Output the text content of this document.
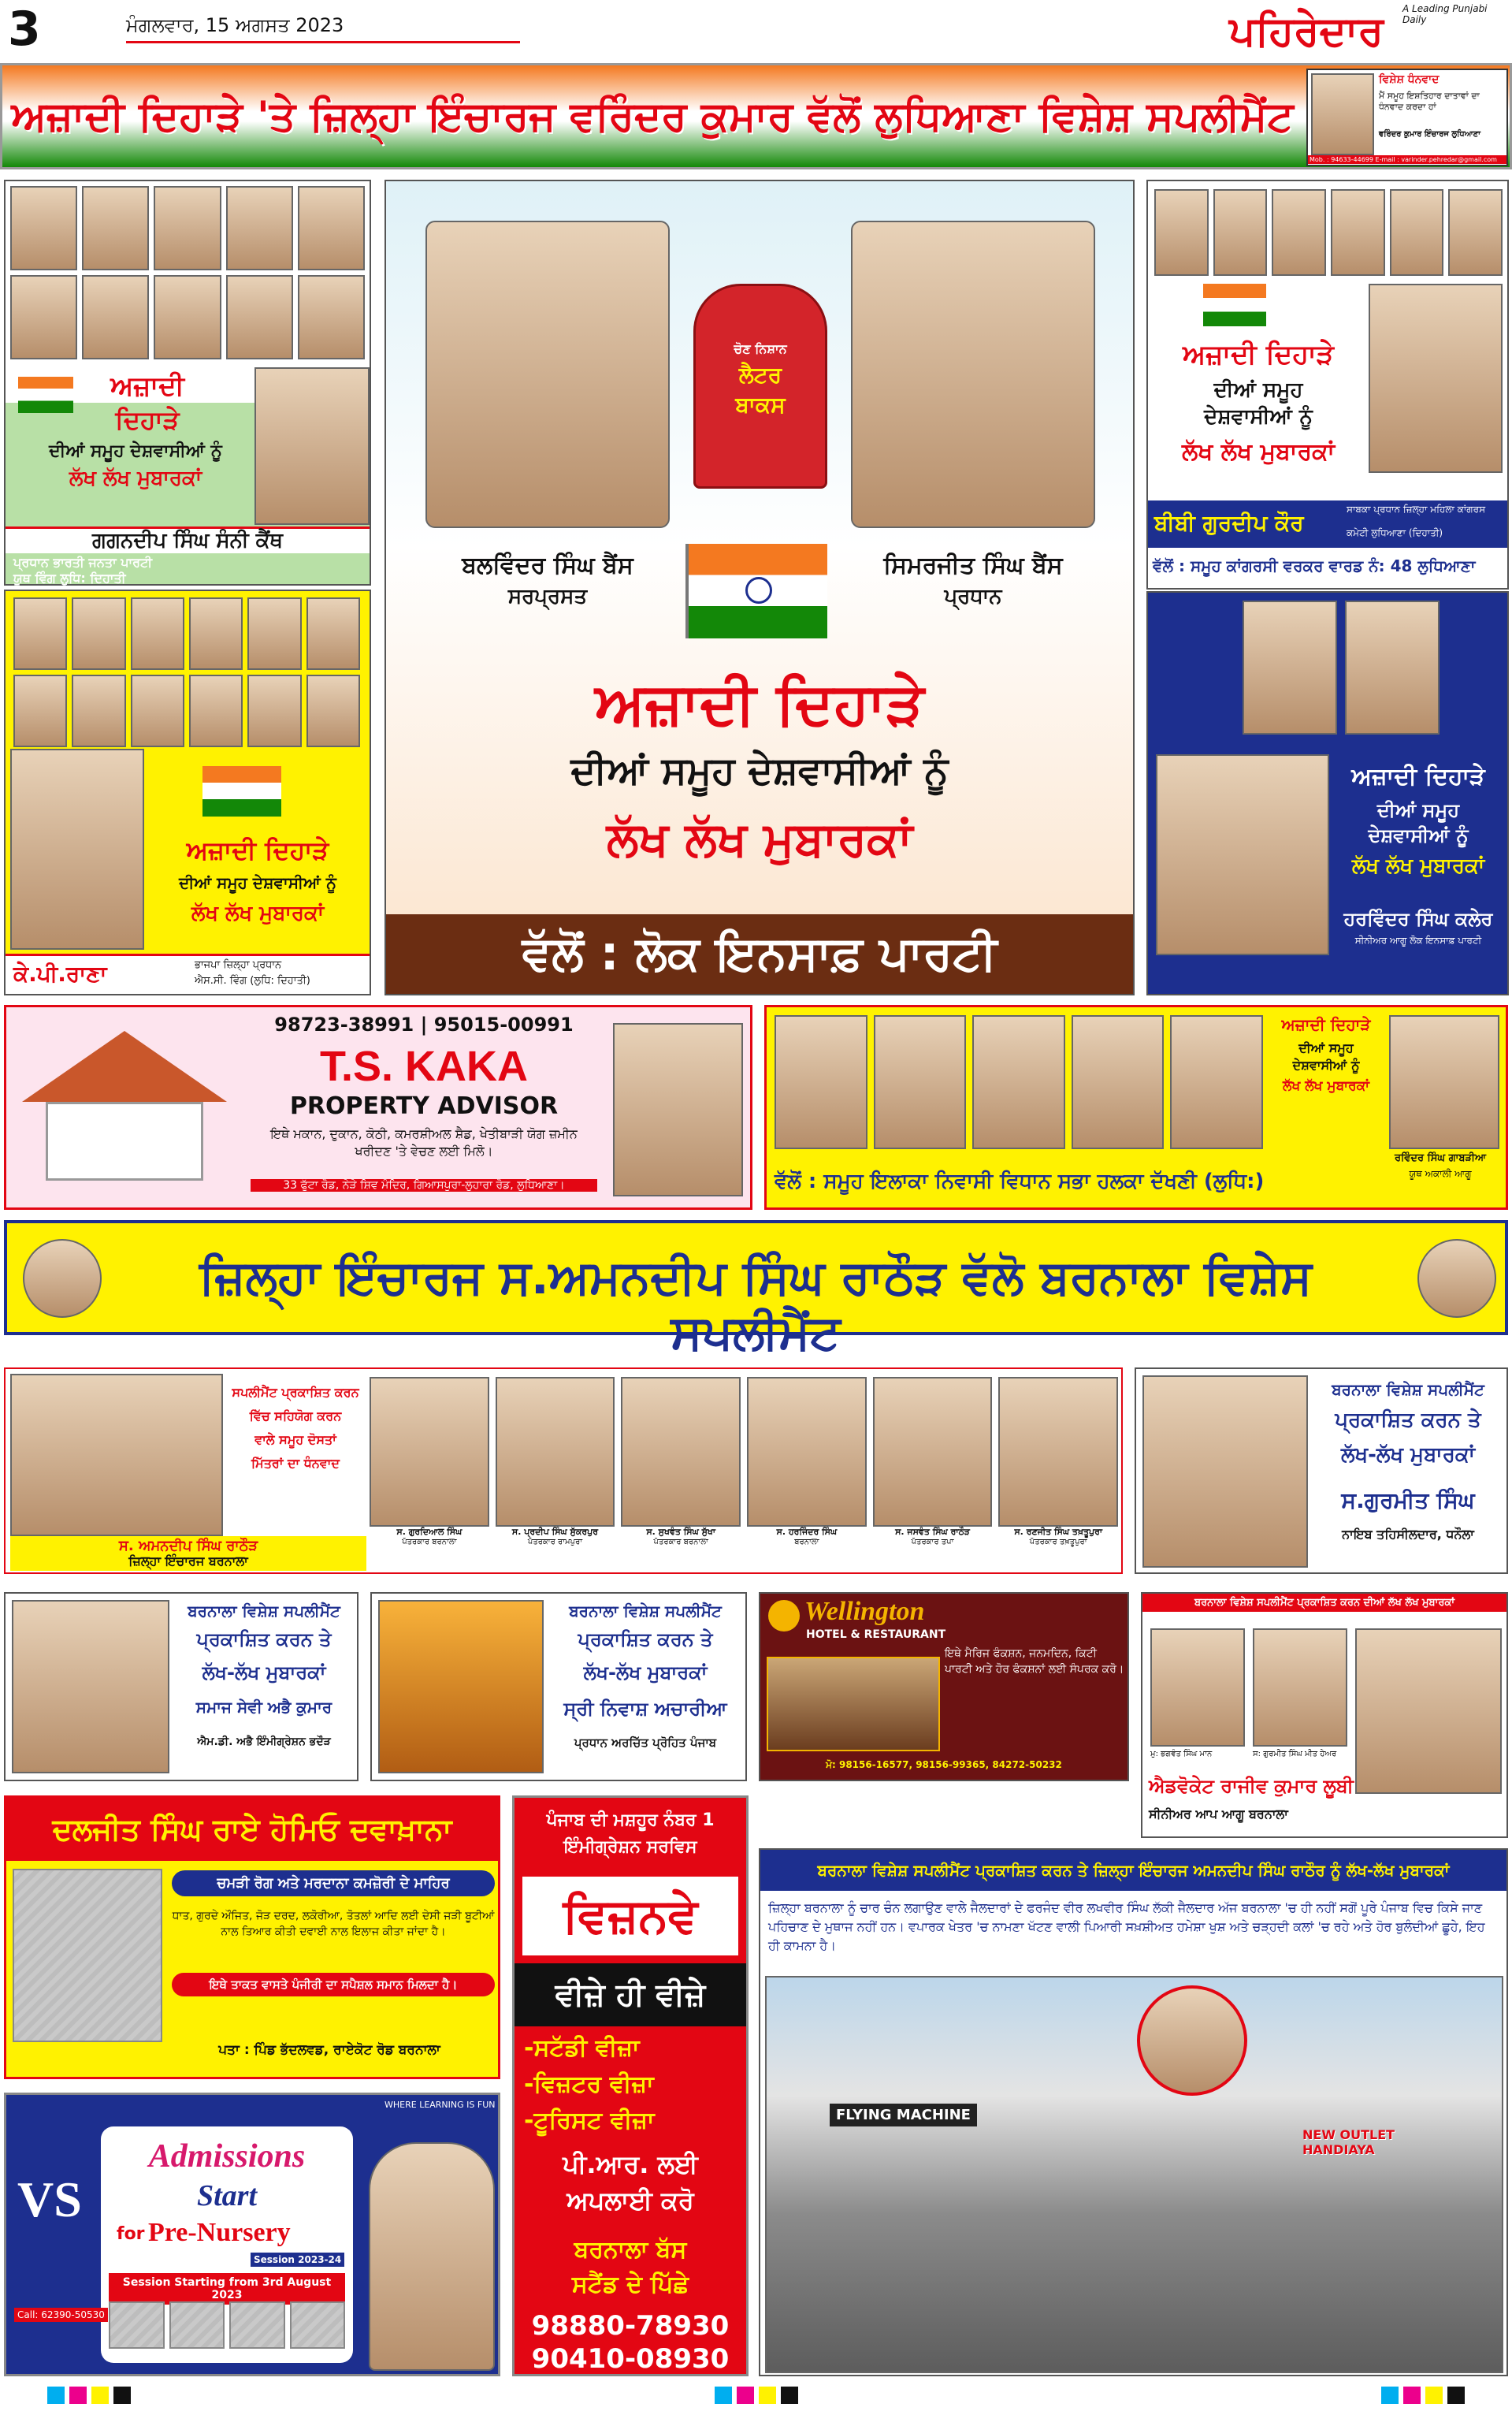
3	ਮੰਗਲਵਾਰ, 15 ਅਗਸਤ 2023
A Leading Punjabi Daily
ਪਹਿਰੇਦਾਰ
ਅਜ਼ਾਦੀ ਦਿਹਾੜੇ 'ਤੇ ਜ਼ਿਲ੍ਹਾ ਇੰਚਾਰਜ ਵਰਿੰਦਰ ਕੁਮਾਰ ਵੱਲੋਂ ਲੁਧਿਆਣਾ ਵਿਸ਼ੇਸ਼ ਸਪਲੀਮੈਂਟ
ਵਿਸ਼ੇਸ਼ ਧੰਨਵਾਦ
ਮੈਂ ਸਮੂਹ ਇਸ਼ਤਿਹਾਰ ਦਾਤਾਵਾਂ ਦਾ ਧੰਨਵਾਦ ਕਰਦਾ ਹਾਂ
ਵਰਿੰਦਰ ਕੁਮਾਰ ਇੰਚਾਰਜ ਲੁਧਿਆਣਾ
Mob. : 94633-44699 E-mail : varinder.pehredar@gmail.com
ਅਜ਼ਾਦੀ
ਦਿਹਾੜੇ
ਦੀਆਂ ਸਮੂਹ ਦੇਸ਼ਵਾਸੀਆਂ ਨੂੰ
ਲੱਖ ਲੱਖ ਮੁਬਾਰਕਾਂ
ਗਗਨਦੀਪ ਸਿੰਘ ਸੰਨੀ ਕੈਂਥ
ਪ੍ਰਧਾਨ ਭਾਰਤੀ ਜਨਤਾ ਪਾਰਟੀ
ਯੂਥ ਵਿੰਗ ਲੁਧਿ: ਦਿਹਾਤੀ
ਅਜ਼ਾਦੀ ਦਿਹਾੜੇ
ਦੀਆਂ ਸਮੂਹ ਦੇਸ਼ਵਾਸੀਆਂ ਨੂੰ
ਲੱਖ ਲੱਖ ਮੁਬਾਰਕਾਂ
ਕੇ.ਪੀ.ਰਾਣਾ	ਭਾਜਪਾ ਜ਼ਿਲ੍ਹਾ ਪ੍ਰਧਾਨ
ਐਸ.ਸੀ. ਵਿੰਗ (ਲੁਧਿ: ਦਿਹਾਤੀ)
ਚੋਣ ਨਿਸ਼ਾਨ
ਲੈਟਰ
ਬਾਕਸ
ਬਲਵਿੰਦਰ ਸਿੰਘ ਬੈਂਸ
ਸਰਪ੍ਰਸਤ
ਸਿਮਰਜੀਤ ਸਿੰਘ ਬੈਂਸ
ਪ੍ਰਧਾਨ
ਅਜ਼ਾਦੀ ਦਿਹਾੜੇ
ਦੀਆਂ ਸਮੂਹ ਦੇਸ਼ਵਾਸੀਆਂ ਨੂੰ
ਲੱਖ ਲੱਖ ਮੁਬਾਰਕਾਂ
ਵੱਲੋਂ : ਲੋਕ ਇਨਸਾਫ਼ ਪਾਰਟੀ
ਅਜ਼ਾਦੀ ਦਿਹਾੜੇ
ਦੀਆਂ ਸਮੂਹ
ਦੇਸ਼ਵਾਸੀਆਂ ਨੂੰ
ਲੱਖ ਲੱਖ ਮੁਬਾਰਕਾਂ
ਬੀਬੀ ਗੁਰਦੀਪ ਕੌਰ
ਸਾਬਕਾ ਪ੍ਰਧਾਨ ਜ਼ਿਲ੍ਹਾ ਮਹਿਲਾ ਕਾਂਗਰਸ
ਕਮੇਟੀ ਲੁਧਿਆਣਾ (ਦਿਹਾਤੀ)
ਵੱਲੋਂ : ਸਮੂਹ ਕਾਂਗਰਸੀ ਵਰਕਰ ਵਾਰਡ ਨੰ: 48 ਲੁਧਿਆਣਾ
ਅਜ਼ਾਦੀ ਦਿਹਾੜੇ
ਦੀਆਂ ਸਮੂਹ
ਦੇਸ਼ਵਾਸੀਆਂ ਨੂੰ
ਲੱਖ ਲੱਖ ਮੁਬਾਰਕਾਂ
ਹਰਵਿੰਦਰ ਸਿੰਘ ਕਲੇਰ
ਸੀਨੀਅਰ ਆਗੂ ਲੋਕ ਇਨਸਾਫ਼ ਪਾਰਟੀ
98723-38991 | 95015-00991
T.S. KAKA
PROPERTY ADVISOR
ਇਥੇ ਮਕਾਨ, ਦੁਕਾਨ, ਕੋਠੀ, ਕਮਰਸ਼ੀਅਲ ਸ਼ੈਡ, ਖੇਤੀਬਾੜੀ ਯੋਗ ਜ਼ਮੀਨ ਖਰੀਦਣ 'ਤੇ ਵੇਚਣ ਲਈ ਮਿਲੋ।
33 ਫੁੱਟਾ ਰੋਡ, ਨੇੜੇ ਸ਼ਿਵ ਮੰਦਿਰ, ਗਿਆਸਪੁਰਾ-ਲੁਹਾਰਾ ਰੋਡ, ਲੁਧਿਆਣਾ।
ਅਜ਼ਾਦੀ ਦਿਹਾੜੇ
ਦੀਆਂ ਸਮੂਹ
ਦੇਸ਼ਵਾਸੀਆਂ ਨੂੰ
ਲੱਖ ਲੱਖ ਮੁਬਾਰਕਾਂ
ਰਵਿੰਦਰ ਸਿੰਘ ਗਾਬੜੀਆ
ਯੂਥ ਅਕਾਲੀ ਆਗੂ
ਵੱਲੋਂ : ਸਮੂਹ ਇਲਾਕਾ ਨਿਵਾਸੀ ਵਿਧਾਨ ਸਭਾ ਹਲਕਾ ਦੱਖਣੀ (ਲੁਧਿ:)
ਜ਼ਿਲ੍ਹਾ ਇੰਚਾਰਜ ਸ.ਅਮਨਦੀਪ ਸਿੰਘ ਰਾਠੌੜ ਵੱਲੋ ਬਰਨਾਲਾ ਵਿਸ਼ੇਸ ਸਪਲੀਮੈਂਟ
ਸਪਲੀਮੈਂਟ ਪ੍ਰਕਾਸ਼ਿਤ ਕਰਨ
ਵਿੱਚ ਸਹਿਯੋਗ ਕਰਨ
ਵਾਲੇ ਸਮੂਹ ਦੋਸਤਾਂ
ਮਿੱਤਰਾਂ ਦਾ ਧੰਨਵਾਦ
ਸ. ਅਮਨਦੀਪ ਸਿੰਘ ਰਾਠੌੜ
ਜ਼ਿਲ੍ਹਾ ਇੰਚਾਰਜ ਬਰਨਾਲਾ
ਸ. ਗੁਰਦਿਆਲ ਸਿੰਘ
ਪੱਤਰਕਾਰ ਬਰਨਾਲਾ
ਸ. ਪ੍ਰਦੀਪ ਸਿੰਘ ਸੁੱਕਰਪੁਰ
ਪੱਤਰਕਾਰ ਰਾਮਪੁਰਾ
ਸ. ਸੁਖਵੰਤ ਸਿੰਘ ਸੁੱਖਾ
ਪੱਤਰਕਾਰ ਬਰਨਾਲਾ
ਸ. ਹਰਜਿੰਦਰ ਸਿੰਘ
ਬਰਨਾਲਾ
ਸ. ਜਸਵੰਤ ਸਿੰਘ ਰਾਠੌੜ
ਪੱਤਰਕਾਰ ਤਪਾ
ਸ. ਰਣਜੀਤ ਸਿੰਘ ਤਖ਼ਤੂਪੁਰਾ
ਪੱਤਰਕਾਰ ਤਖ਼ਤੂਪੁਰਾ
ਬਰਨਾਲਾ ਵਿਸ਼ੇਸ਼ ਸਪਲੀਮੈਂਟ
ਪ੍ਰਕਾਸ਼ਿਤ ਕਰਨ ਤੇ
ਲੱਖ-ਲੱਖ ਮੁਬਾਰਕਾਂ
ਸ.ਗੁਰਮੀਤ ਸਿੰਘ
ਨਾਇਬ ਤਹਿਸੀਲਦਾਰ, ਧਨੌਲਾ
ਬਰਨਾਲਾ ਵਿਸ਼ੇਸ਼ ਸਪਲੀਮੈਂਟ
ਪ੍ਰਕਾਸ਼ਿਤ ਕਰਨ ਤੇ
ਲੱਖ-ਲੱਖ ਮੁਬਾਰਕਾਂ
ਸਮਾਜ ਸੇਵੀ ਅਭੈ ਕੁਮਾਰ
ਐਮ.ਡੀ. ਅਭੈ ਇੰਮੀਗ੍ਰੇਸ਼ਨ ਭਦੌੜ
ਬਰਨਾਲਾ ਵਿਸ਼ੇਸ਼ ਸਪਲੀਮੈਂਟ
ਪ੍ਰਕਾਸ਼ਿਤ ਕਰਨ ਤੇ
ਲੱਖ-ਲੱਖ ਮੁਬਾਰਕਾਂ
ਸ੍ਰੀ ਨਿਵਾਸ਼ ਅਚਾਰੀਆ
ਪ੍ਰਧਾਨ ਅਰਚਿੱਤ ਪ੍ਰੋਹਿਤ ਪੰਜਾਬ
Wellington
HOTEL & RESTAURANT
ਇਥੇ ਮੈਰਿਜ ਫੰਕਸ਼ਨ, ਜਨਮਦਿਨ, ਕਿਟੀ ਪਾਰਟੀ ਅਤੇ ਹੋਰ ਫੰਕਸ਼ਨਾਂ ਲਈ ਸੰਪਰਕ ਕਰੋ।
ਮੋ: 98156-16577, 98156-99365, 84272-50232
ਬਰਨਾਲਾ ਵਿਸ਼ੇਸ਼ ਸਪਲੀਮੈਂਟ ਪ੍ਰਕਾਸ਼ਿਤ ਕਰਨ ਦੀਆਂ ਲੱਖ ਲੱਖ ਮੁਬਾਰਕਾਂ
ਮੁ: ਭਗਵੰਤ ਸਿੰਘ ਮਾਨ	ਸ: ਗੁਰਮੀਤ ਸਿੰਘ ਮੀਤ ਹੇਅਰ
ਐਡਵੋਕੇਟ ਰਾਜੀਵ ਕੁਮਾਰ ਲੂਬੀ
ਸੀਨੀਅਰ ਆਪ ਆਗੂ ਬਰਨਾਲਾ
ਦਲਜੀਤ ਸਿੰਘ ਰਾਏ ਹੋਮਿਓ ਦਵਾਖ਼ਾਨਾ
ਚਮੜੀ ਰੋਗ ਅਤੇ ਮਰਦਾਨਾ ਕਮਜ਼ੋਰੀ ਦੇ ਮਾਹਿਰ
ਧਾਤ, ਗੁਰਦੇ ਔਜਿਤ, ਜੋੜ ਦਰਦ, ਲਕੋਰੀਆ, ਤੋਤਲਾਂ ਆਦਿ ਲਈ ਦੇਸੀ ਜੜੀ ਬੂਟੀਆਂ ਨਾਲ ਤਿਆਰ ਕੀਤੀ ਦਵਾਈ ਨਾਲ ਇਲਾਜ ਕੀਤਾ ਜਾਂਦਾ ਹੈ।
ਇਥੇ ਤਾਕਤ ਵਾਸਤੇ ਪੰਜੀਰੀ ਦਾ ਸਪੈਸ਼ਲ ਸਮਾਨ ਮਿਲਦਾ ਹੈ।
ਪਤਾ : ਪਿੰਡ ਭੱਦਲਵਡ, ਰਾਏਕੋਟ ਰੋਡ ਬਰਨਾਲਾ
VS
WHERE LEARNING IS FUN
Admissions
Start
for Pre-Nursery
Session 2023-24
Session Starting from 3rd August 2023
Call: 62390-50530
ਪੰਜਾਬ ਦੀ ਮਸ਼ਹੂਰ ਨੰਬਰ 1
ਇੰਮੀਗ੍ਰੇਸ਼ਨ ਸਰਵਿਸ
ਵਿਜ਼ਨਵੇ
ਵੀਜ਼ੇ ਹੀ ਵੀਜ਼ੇ
-ਸਟੱਡੀ ਵੀਜ਼ਾ
-ਵਿਜ਼ਟਰ ਵੀਜ਼ਾ
-ਟੂਰਿਸਟ ਵੀਜ਼ਾ
ਪੀ.ਆਰ. ਲਈ
ਅਪਲਾਈ ਕਰੋ
ਬਰਨਾਲਾ ਬੱਸ
ਸਟੈਂਡ ਦੇ ਪਿੱਛੇ
98880-78930
90410-08930
ਬਰਨਾਲਾ ਵਿਸ਼ੇਸ਼ ਸਪਲੀਮੈਂਟ ਪ੍ਰਕਾਸ਼ਿਤ ਕਰਨ ਤੇ ਜ਼ਿਲ੍ਹਾ ਇੰਚਾਰਜ ਅਮਨਦੀਪ ਸਿੰਘ ਰਾਠੌਰ ਨੂੰ ਲੱਖ-ਲੱਖ ਮੁਬਾਰਕਾਂ
ਜ਼ਿਲ੍ਹਾ ਬਰਨਾਲਾ ਨੂੰ ਚਾਰ ਚੰਨ ਲਗਾਉਣ ਵਾਲੇ ਜੈਲਦਾਰਾਂ ਦੇ ਫਰਜੰਦ ਵੀਰ ਲਖਵੀਰ ਸਿੰਘ ਲੱਕੀ ਜੈਲਦਾਰ ਅੱਜ ਬਰਨਾਲਾ 'ਚ ਹੀ ਨਹੀਂ ਸਗੋਂ ਪੂਰੇ ਪੰਜਾਬ ਵਿਚ ਕਿਸੇ ਜਾਣ ਪਹਿਚਾਣ ਦੇ ਮੁਥਾਜ ਨਹੀਂ ਹਨ। ਵਪਾਰਕ ਖੇਤਰ 'ਚ ਨਾਮਣਾ ਖੱਟਣ ਵਾਲੀ ਪਿਆਰੀ ਸਖ਼ਸ਼ੀਅਤ ਹਮੇਸ਼ਾ ਖੁਸ਼ ਅਤੇ ਚੜ੍ਹਦੀ ਕਲਾਂ 'ਚ ਰਹੇ ਅਤੇ ਹੋਰ ਬੁਲੰਦੀਆਂ ਛੂਹੇ, ਇਹ ਹੀ ਕਾਮਨਾ ਹੈ।
FLYING MACHINE
NEW OUTLET HANDIAYA
